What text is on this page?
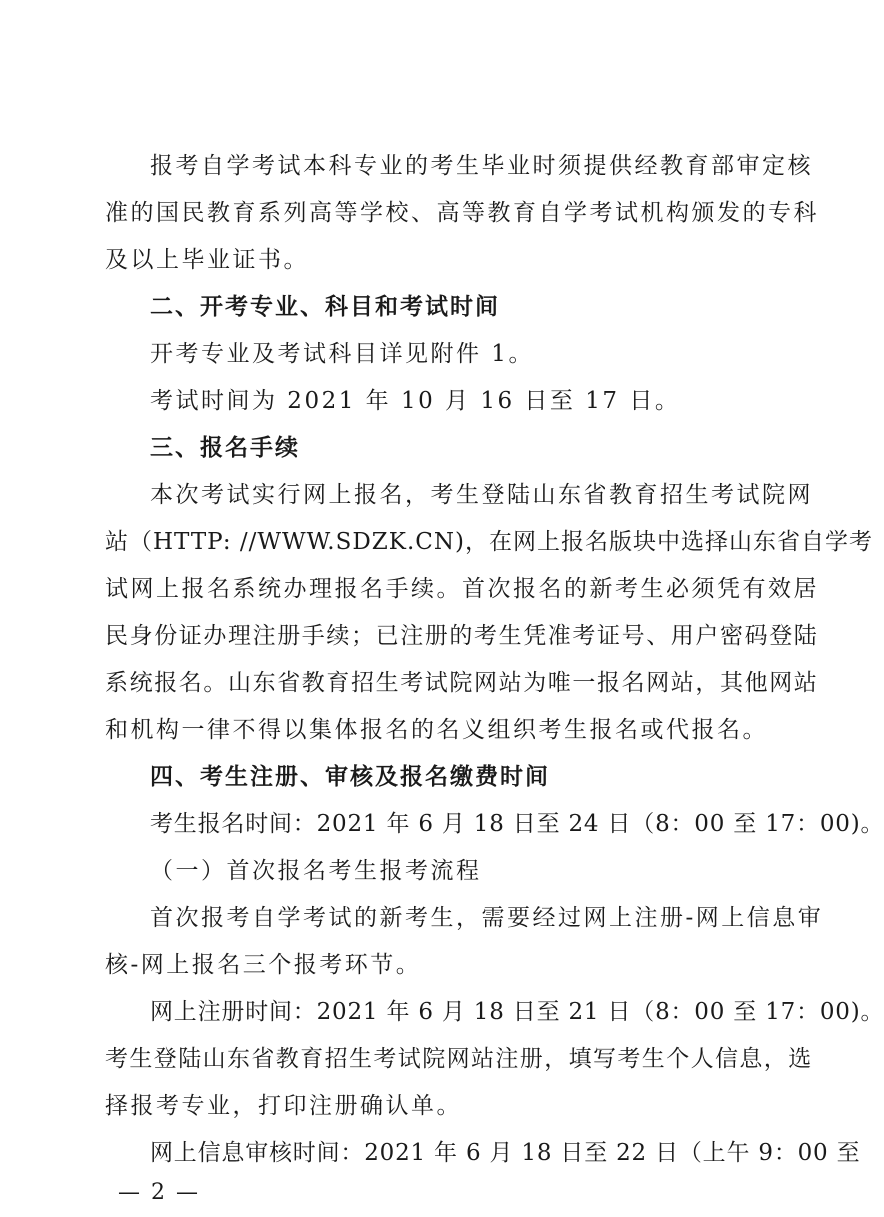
报考自学考试本科专业的考生毕业时须提供经教育部审定核
准的国民教育系列高等学校、高等教育自学考试机构颁发的专科
及以上毕业证书。
二、开考专业、科目和考试时间
开考专业及考试科目详见附件 1。
考试时间为 2021 年 10 月 16 日至 17 日。
三、报名手续
本次考试实行网上报名，考生登陆山东省教育招生考试院网
站（HTTP: //WWW.SDZK.CN)，在网上报名版块中选择山东省自学考
试网上报名系统办理报名手续。首次报名的新考生必须凭有效居
民身份证办理注册手续；已注册的考生凭准考证号、用户密码登陆
系统报名。山东省教育招生考试院网站为唯一报名网站，其他网站
和机构一律不得以集体报名的名义组织考生报名或代报名。
四、考生注册、审核及报名缴费时间
考生报名时间：2021 年 6 月 18 日至 24 日（8：00 至 17：00)。
（一）首次报名考生报考流程
首次报考自学考试的新考生，需要经过网上注册-网上信息审
核-网上报名三个报考环节。
网上注册时间：2021 年 6 月 18 日至 21 日（8：00 至 17：00)。
考生登陆山东省教育招生考试院网站注册，填写考生个人信息，选
择报考专业，打印注册确认单。
网上信息审核时间：2021 年 6 月 18 日至 22 日（上午 9：00 至
— 2 —
